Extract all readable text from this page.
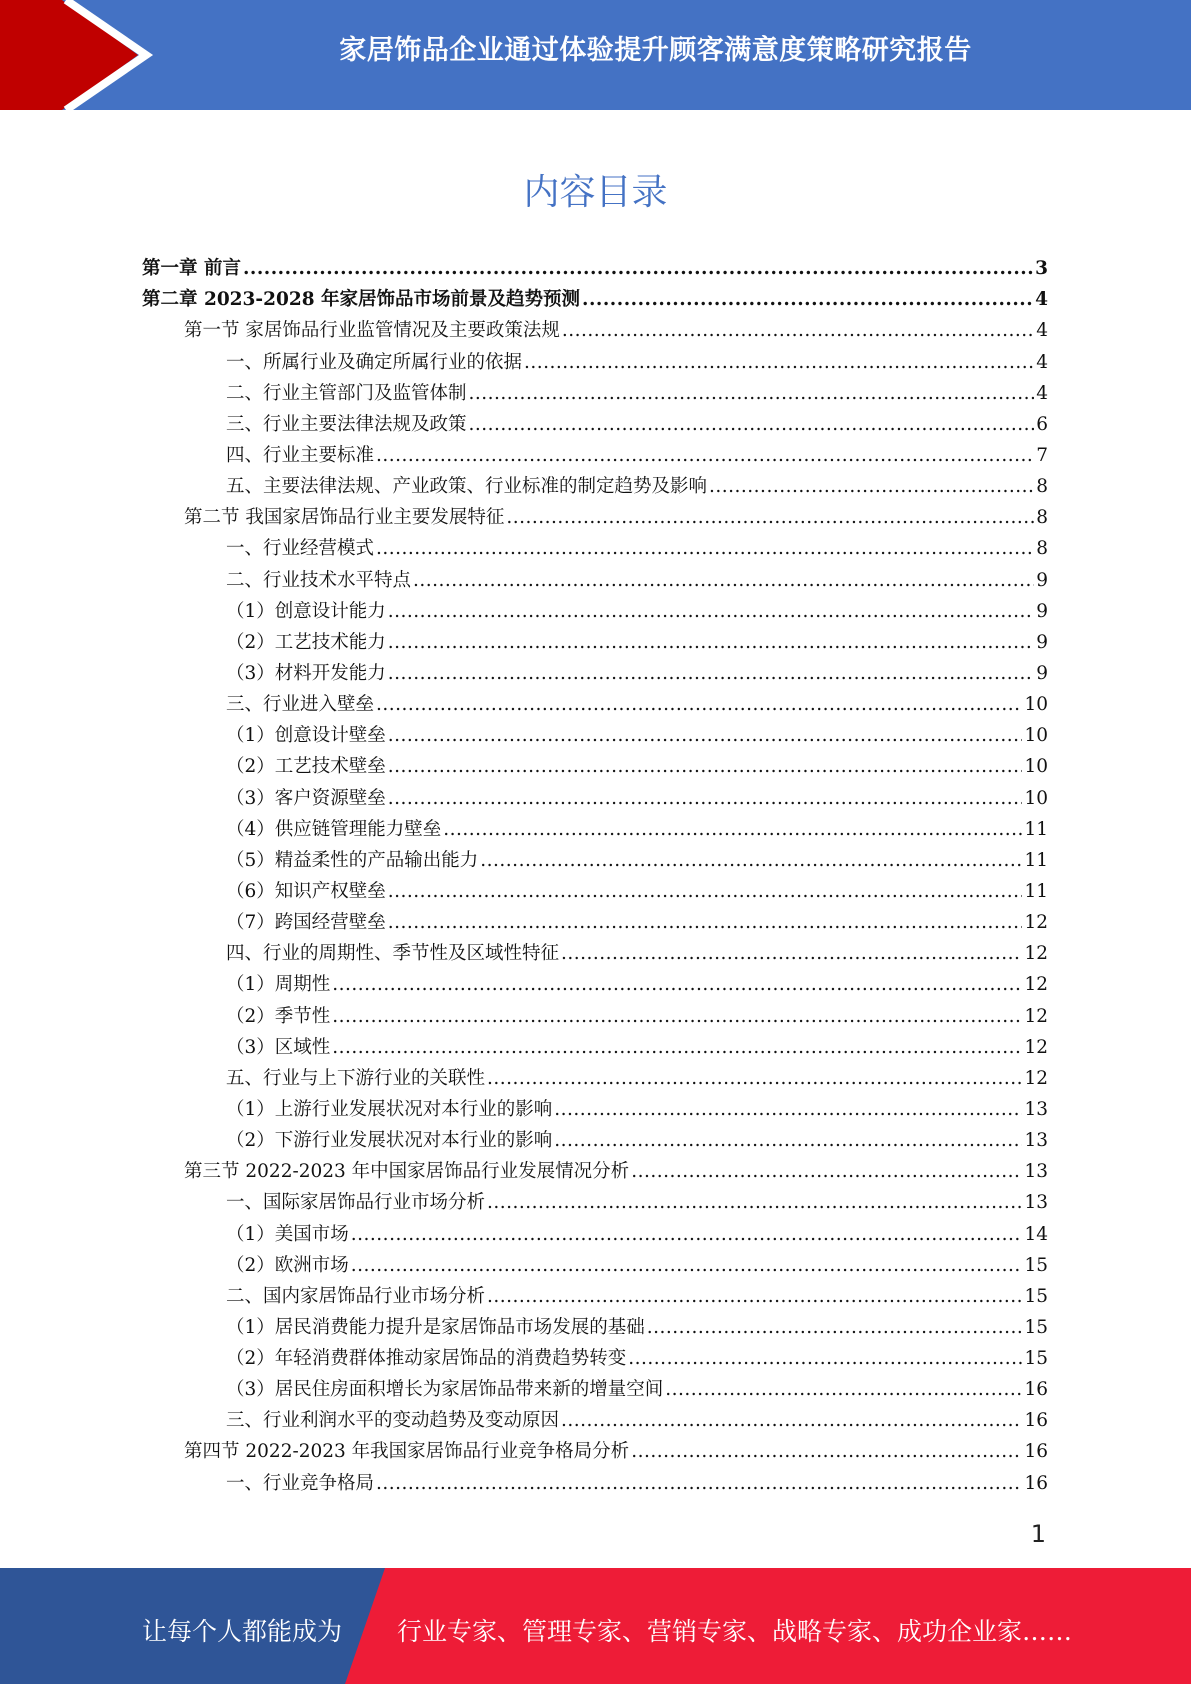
家居饰品企业通过体验提升顾客满意度策略研究报告
内容目录
第一章 前言 .....	3
第二章 2023-2028 年家居饰品市场前景及趋势预测 .....	4
第一节 家居饰品行业监管情况及主要政策法规 .....	4
一、所属行业及确定所属行业的依据 .....	4
二、行业主管部门及监管体制 .....	4
三、行业主要法律法规及政策 .....	6
四、行业主要标准 .....	7
五、主要法律法规、产业政策、行业标准的制定趋势及影响 .....	8
第二节 我国家居饰品行业主要发展特征 .....	8
一、行业经营模式 .....	8
二、行业技术水平特点 .....	9
（1）创意设计能力 .....	9
（2）工艺技术能力 .....	9
（3）材料开发能力 .....	9
三、行业进入壁垒 .....	10
（1）创意设计壁垒 .....	10
（2）工艺技术壁垒 .....	10
（3）客户资源壁垒 .....	10
（4）供应链管理能力壁垒 .....	11
（5）精益柔性的产品输出能力 .....	11
（6）知识产权壁垒 .....	11
（7）跨国经营壁垒 .....	12
四、行业的周期性、季节性及区域性特征 .....	12
（1）周期性 .....	12
（2）季节性 .....	12
（3）区域性 .....	12
五、行业与上下游行业的关联性 .....	12
（1）上游行业发展状况对本行业的影响 .....	13
（2）下游行业发展状况对本行业的影响 .....	13
第三节 2022-2023 年中国家居饰品行业发展情况分析 .....	13
一、国际家居饰品行业市场分析 .....	13
（1）美国市场 .....	14
（2）欧洲市场 .....	15
二、国内家居饰品行业市场分析 .....	15
（1）居民消费能力提升是家居饰品市场发展的基础 .....	15
（2）年轻消费群体推动家居饰品的消费趋势转变 .....	15
（3）居民住房面积增长为家居饰品带来新的增量空间 .....	16
三、行业利润水平的变动趋势及变动原因 .....	16
第四节 2022-2023 年我国家居饰品行业竞争格局分析 .....	16
一、行业竞争格局 .....	16
1
让每个人都能成为 行业专家、管理专家、营销专家、战略专家、成功企业家……
